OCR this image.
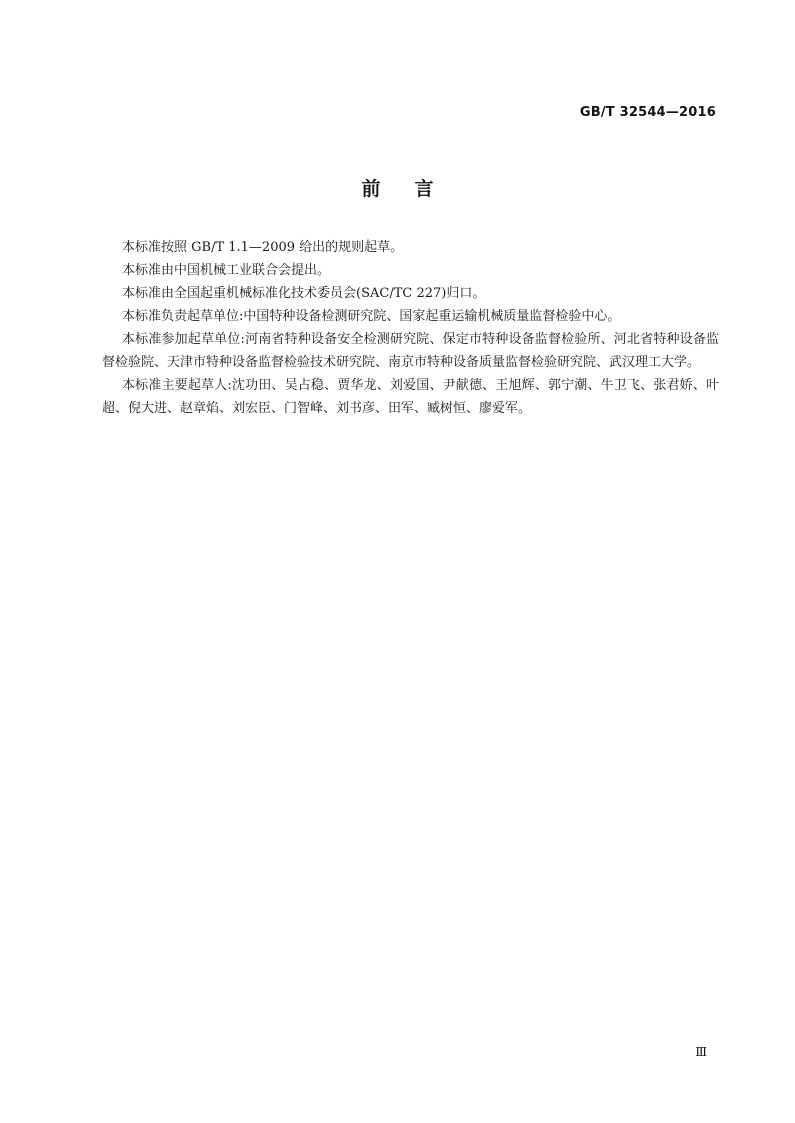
GB/T 32544—2016
前言

本标准按照 GB/T 1.1—2009 给出的规则起草。

本标准由中国机械工业联合会提出。

本标准由全国起重机械标准化技术委员会(SAC/TC 227)归口。

本标准负责起草单位:中国特种设备检测研究院、国家起重运输机械质量监督检验中心。

本标准参加起草单位:河南省特种设备安全检测研究院、保定市特种设备监督检验所、河北省特种设备监督检验院、天津市特种设备监督检验技术研究院、南京市特种设备质量监督检验研究院、武汉理工大学。

本标准主要起草人:沈功田、吴占稳、贾华龙、刘爱国、尹献德、王旭辉、郭宁潮、牛卫飞、张君娇、叶超、倪大进、赵章焰、刘宏臣、门智峰、刘书彦、田军、臧树恒、廖爱军。

Ⅲ
